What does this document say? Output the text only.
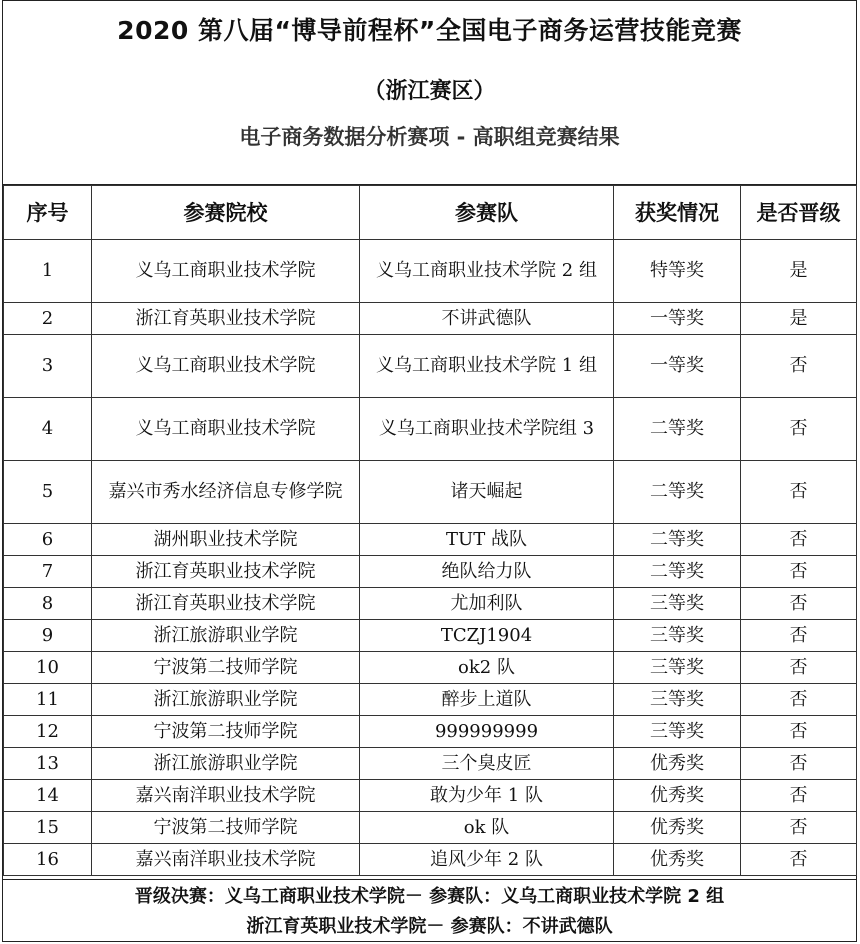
2020 第八届“博导前程杯”全国电子商务运营技能竞赛
（浙江赛区）
电子商务数据分析赛项 - 高职组竞赛结果
序号	参赛院校	参赛队	获奖情况	是否晋级
1	义乌工商职业技术学院	义乌工商职业技术学院 2 组	特等奖	是
2	浙江育英职业技术学院	不讲武德队	一等奖	是
3	义乌工商职业技术学院	义乌工商职业技术学院 1 组	一等奖	否
4	义乌工商职业技术学院	义乌工商职业技术学院组 3	二等奖	否
5	嘉兴市秀水经济信息专修学院	诸天崛起	二等奖	否
6	湖州职业技术学院	TUT 战队	二等奖	否
7	浙江育英职业技术学院	绝队给力队	二等奖	否
8	浙江育英职业技术学院	尤加利队	三等奖	否
9	浙江旅游职业学院	TCZJ1904	三等奖	否
10	宁波第二技师学院	ok2 队	三等奖	否
11	浙江旅游职业学院	醉步上道队	三等奖	否
12	宁波第二技师学院	999999999	三等奖	否
13	浙江旅游职业学院	三个臭皮匠	优秀奖	否
14	嘉兴南洋职业技术学院	敢为少年 1 队	优秀奖	否
15	宁波第二技师学院	ok 队	优秀奖	否
16	嘉兴南洋职业技术学院	追风少年 2 队	优秀奖	否
晋级决赛：义乌工商职业技术学院－ 参赛队：义乌工商职业技术学院 2 组
浙江育英职业技术学院－ 参赛队：不讲武德队
